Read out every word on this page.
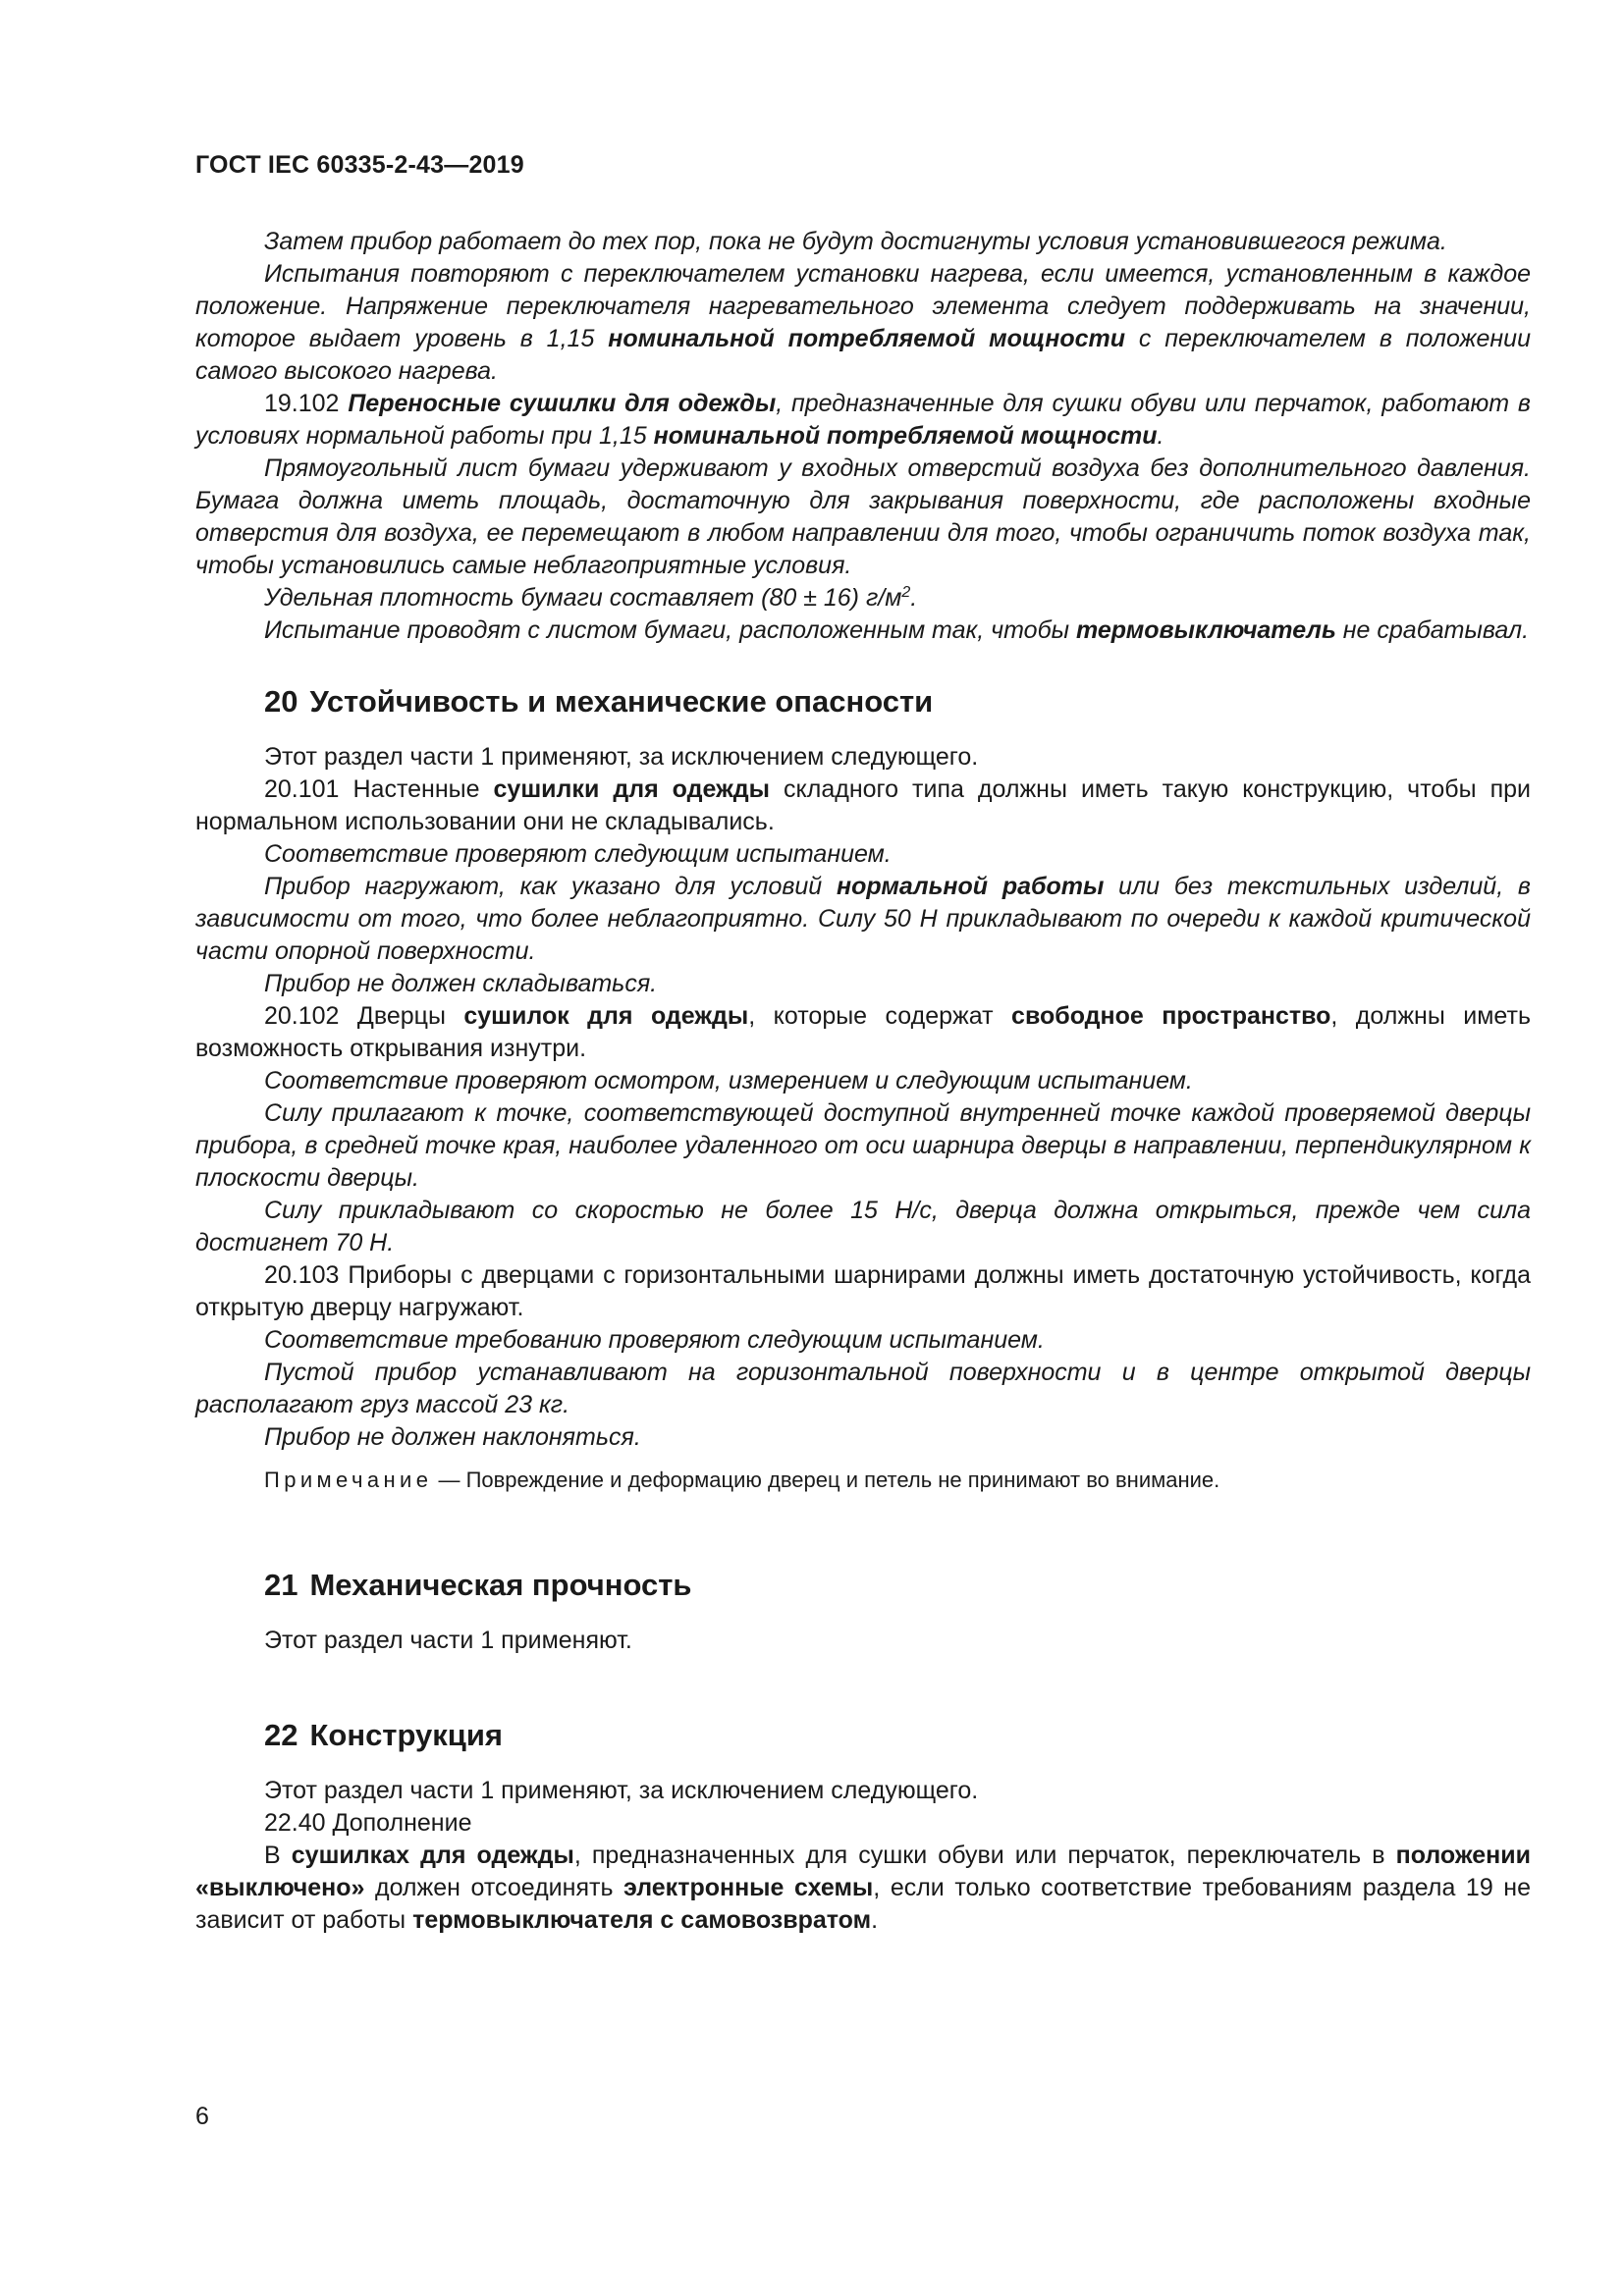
ГОСТ IEC 60335-2-43—2019

Затем прибор работает до тех пор, пока не будут достигнуты условия установившегося режима.

Испытания повторяют с переключателем установки нагрева, если имеется, установленным в каждое положение. Напряжение переключателя нагревательного элемента следует поддерживать на значении, которое выдает уровень в 1,15 номинальной потребляемой мощности с переключателем в положении самого высокого нагрева.

19.102 Переносные сушилки для одежды, предназначенные для сушки обуви или перчаток, работают в условиях нормальной работы при 1,15 номинальной потребляемой мощности.

Прямоугольный лист бумаги удерживают у входных отверстий воздуха без дополнительного давления. Бумага должна иметь площадь, достаточную для закрывания поверхности, где расположены входные отверстия для воздуха, ее перемещают в любом направлении для того, чтобы ограничить поток воздуха так, чтобы установились самые неблагоприятные условия.

Удельная плотность бумаги составляет (80 ± 16) $г/м^2$.

Испытание проводят с листом бумаги, расположенным так, чтобы термовыключатель не срабатывал.

20 Устойчивость и механические опасности

Этот раздел части 1 применяют, за исключением следующего.

20.101 Настенные сушилки для одежды складного типа должны иметь такую конструкцию, чтобы при нормальном использовании они не складывались.

Соответствие проверяют следующим испытанием.

Прибор нагружают, как указано для условий нормальной работы или без текстильных изделий, в зависимости от того, что более неблагоприятно. Силу 50 Н прикладывают по очереди к каждой критической части опорной поверхности.

Прибор не должен складываться.

20.102 Дверцы сушилок для одежды, которые содержат свободное пространство, должны иметь возможность открывания изнутри.

Соответствие проверяют осмотром, измерением и следующим испытанием.

Силу прилагают к точке, соответствующей доступной внутренней точке каждой проверяемой дверцы прибора, в средней точке края, наиболее удаленного от оси шарнира дверцы в направлении, перпендикулярном к плоскости дверцы.

Силу прикладывают со скоростью не более 15 Н/с, дверца должна открыться, прежде чем сила достигнет 70 Н.

20.103 Приборы с дверцами с горизонтальными шарнирами должны иметь достаточную устойчивость, когда открытую дверцу нагружают.

Соответствие требованию проверяют следующим испытанием.

Пустой прибор устанавливают на горизонтальной поверхности и в центре открытой дверцы располагают груз массой 23 кг.

Прибор не должен наклоняться.

Примечание — Повреждение и деформацию дверец и петель не принимают во внимание.

21 Механическая прочность

Этот раздел части 1 применяют.

22 Конструкция

Этот раздел части 1 применяют, за исключением следующего.

22.40 Дополнение

В сушилках для одежды, предназначенных для сушки обуви или перчаток, переключатель в положении «выключено» должен отсоединять электронные схемы, если только соответствие требованиям раздела 19 не зависит от работы термовыключателя с самовозвратом.

6
